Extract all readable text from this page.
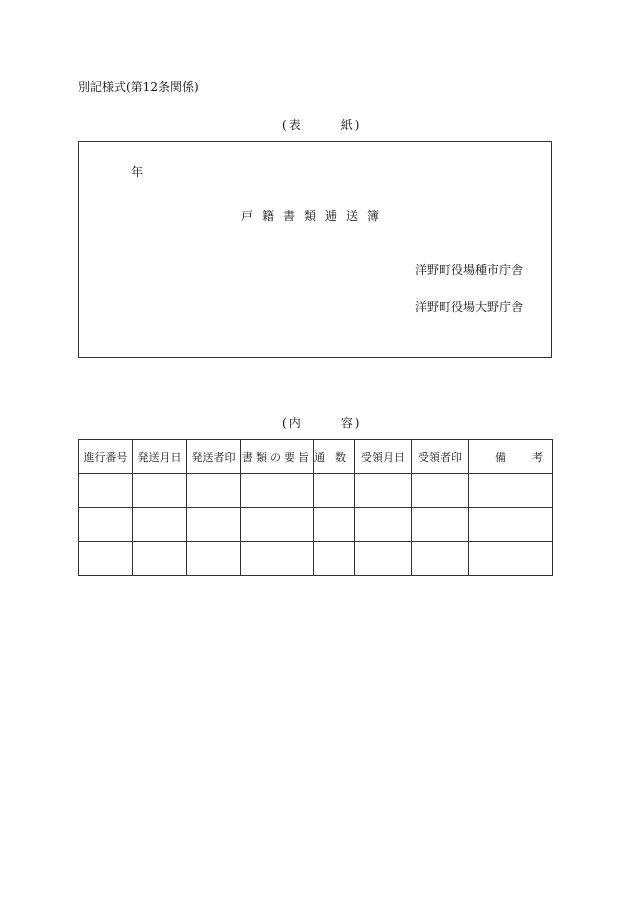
別記様式(第12条関係)
( 表	紙 )
年
戸籍書類逓送簿
洋野町役場種市庁舎
洋野町役場大野庁舎
( 内	容 )
進行番号	発送月日	発送者印	書類の要旨	通数	受領月日	受領者印	備考
